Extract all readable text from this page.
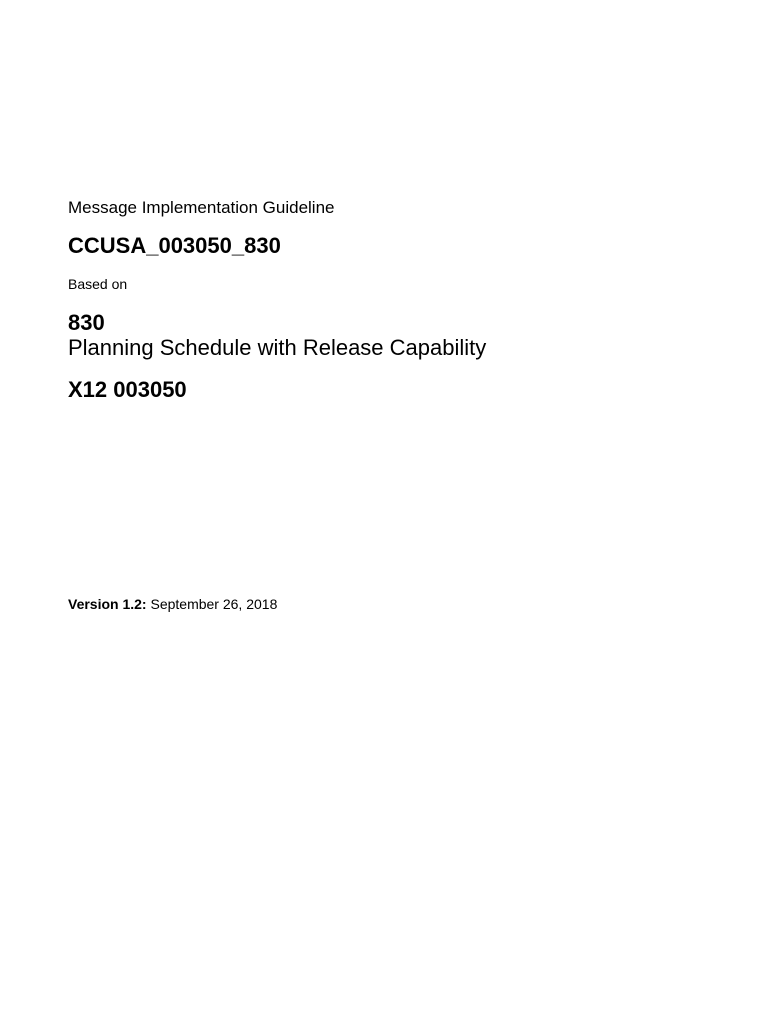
Message Implementation Guideline

CCUSA_003050_830

Based on

830

Planning Schedule with Release Capability

X12 003050

Version 1.2: September 26, 2018
